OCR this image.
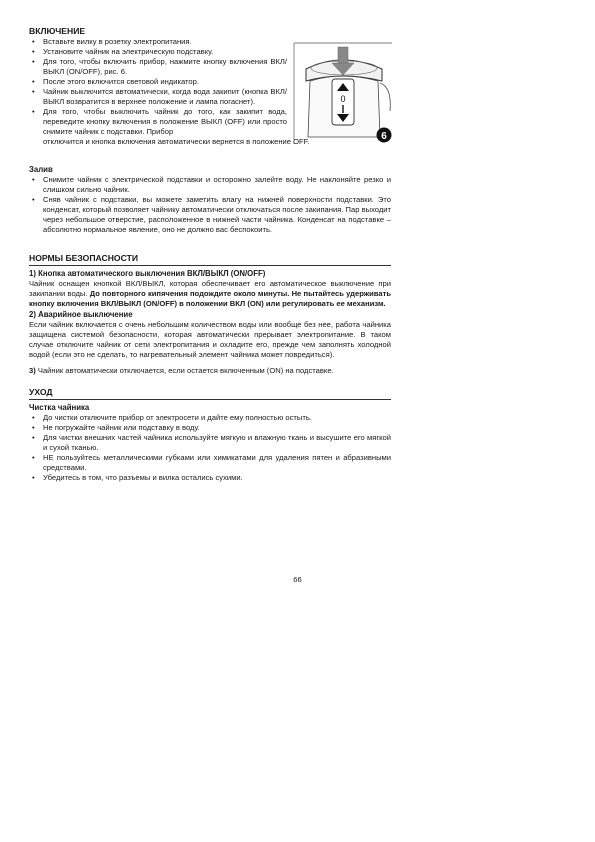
ВКЛЮЧЕНИЕ
• Вставьте вилку в розетку электропитания.
• Установите чайник на электрическую подставку.
• Для того, чтобы включить прибор, нажмите кнопку включения ВКЛ/ВЫКЛ (ON/OFF), рис. 6.
• После этого включится световой индикатор.
• Чайник выключится автоматически, когда вода закипит (кнопка ВКЛ/ВЫКЛ возвратится в верхнее положение и лампа погаснет).
• Для того, чтобы выключить чайник до того, как закипит вода, переведите кнопку включения в положение ВЫКЛ (OFF) или просто снимите чайник с подставки. Прибор

отключится и кнопка включения автоматически вернется в положение OFF.

Залив
• Снимите чайник с электрической подставки и осторожно залейте воду. Не наклоняйте резко и слишком сильно чайник.
• Сняв чайник с подставки, вы можете заметить влагу на нижней поверхности подставки. Это конденсат, который позволяет чайнику автоматически отключаться после закипания. Пар выходит через небольшое отверстие, расположенное в нижней части чайника. Конденсат на подставке – абсолютно нормальное явление, оно не должно вас беспокоить.
НОРМЫ БЕЗОПАСНОСТИ
1) Кнопка автоматического выключения ВКЛ/ВЫКЛ (ON/OFF)

Чайник оснащен кнопкой ВКЛ/ВЫКЛ, которая обеспечивает его автоматическое выключение при закипании воды. До повторного кипячения подождите около минуты. Не пытайтесь удерживать кнопку включения ВКЛ/ВЫКЛ (ON/OFF) в положении ВКЛ (ON) или регулировать ее механизм.

2) Аварийное выключение

Если чайник включается с очень небольшим количеством воды или вообще без нее, работа чайника защищена системой безопасности, которая автоматически прерывает электропитание. В таком случае отключите чайник от сети электропитания и охладите его, прежде чем заполнять холодной водой (если это не сделать, то нагревательный элемент чайника может повредиться).

3) Чайник автоматически отключается, если остается включенным (ON) на подставке.

УХОД
Чистка чайника
• До чистки отключите прибор от электросети и дайте ему полностью остыть.
• Не погружайте чайник или подставку в воду.
• Для чистки внешних частей чайника используйте мягкую и влажную ткань и высушите его мягкой и сухой тканью.
• НЕ пользуйтесь металлическими губками или химикатами для удаления пятен и абразивными средствами.
• Убедитесь в том, что разъемы и вилка остались сухими.
0
6
66
